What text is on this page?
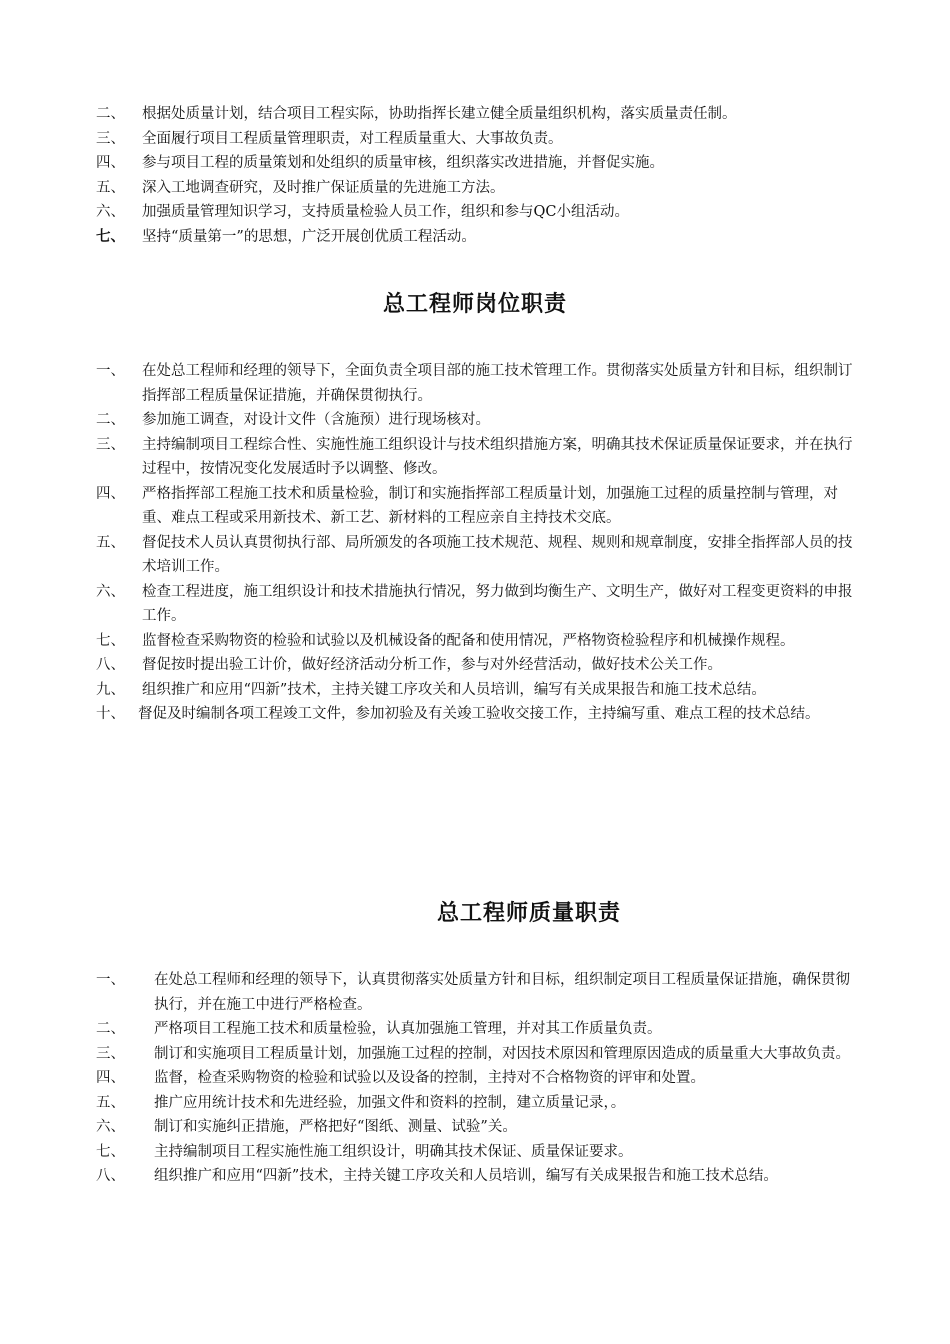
二、 根据处质量计划，结合项目工程实际，协助指挥长建立健全质量组织机构，落实质量责任制。
三、 全面履行项目工程质量管理职责，对工程质量重大、大事故负责。
四、 参与项目工程的质量策划和处组织的质量审核，组织落实改进措施，并督促实施。
五、 深入工地调查研究，及时推广保证质量的先进施工方法。
六、 加强质量管理知识学习，支持质量检验人员工作，组织和参与QC小组活动。
七、 坚持“质量第一”的思想，广泛开展创优质工程活动。
总工程师岗位职责
一、 在处总工程师和经理的领导下，全面负责全项目部的施工技术管理工作。贯彻落实处质量方针和目标，组织制订指挥部工程质量保证措施，并确保贯彻执行。
二、 参加施工调查，对设计文件（含施预）进行现场核对。
三、 主持编制项目工程综合性、实施性施工组织设计与技术组织措施方案，明确其技术保证质量保证要求，并在执行过程中，按情况变化发展适时予以调整、修改。
四、 严格指挥部工程施工技术和质量检验，制订和实施指挥部工程质量计划，加强施工过程的质量控制与管理，对重、难点工程或采用新技术、新工艺、新材料的工程应亲自主持技术交底。
五、 督促技术人员认真贯彻执行部、局所颁发的各项施工技术规范、规程、规则和规章制度，安排全指挥部人员的技术培训工作。
六、 检查工程进度，施工组织设计和技术措施执行情况，努力做到均衡生产、文明生产，做好对工程变更资料的申报工作。
七、 监督检查采购物资的检验和试验以及机械设备的配备和使用情况，严格物资检验程序和机械操作规程。
八、 督促按时提出验工计价，做好经济活动分析工作，参与对外经营活动，做好技术公关工作。
九、 组织推广和应用“四新”技术，主持关键工序攻关和人员培训，编写有关成果报告和施工技术总结。
十、 督促及时编制各项工程竣工文件，参加初验及有关竣工验收交接工作，主持编写重、难点工程的技术总结。
总工程师质量职责
一、 在处总工程师和经理的领导下，认真贯彻落实处质量方针和目标，组织制定项目工程质量保证措施，确保贯彻执行，并在施工中进行严格检查。
二、 严格项目工程施工技术和质量检验，认真加强施工管理，并对其工作质量负责。
三、 制订和实施项目工程质量计划，加强施工过程的控制，对因技术原因和管理原因造成的质量重大大事故负责。
四、 监督，检查采购物资的检验和试验以及设备的控制，主持对不合格物资的评审和处置。
五、 推广应用统计技术和先进经验，加强文件和资料的控制，建立质量记录，。
六、 制订和实施纠正措施，严格把好“图纸、测量、试验”关。
七、 主持编制项目工程实施性施工组织设计，明确其技术保证、质量保证要求。
八、 组织推广和应用“四新”技术，主持关键工序攻关和人员培训，编写有关成果报告和施工技术总结。
